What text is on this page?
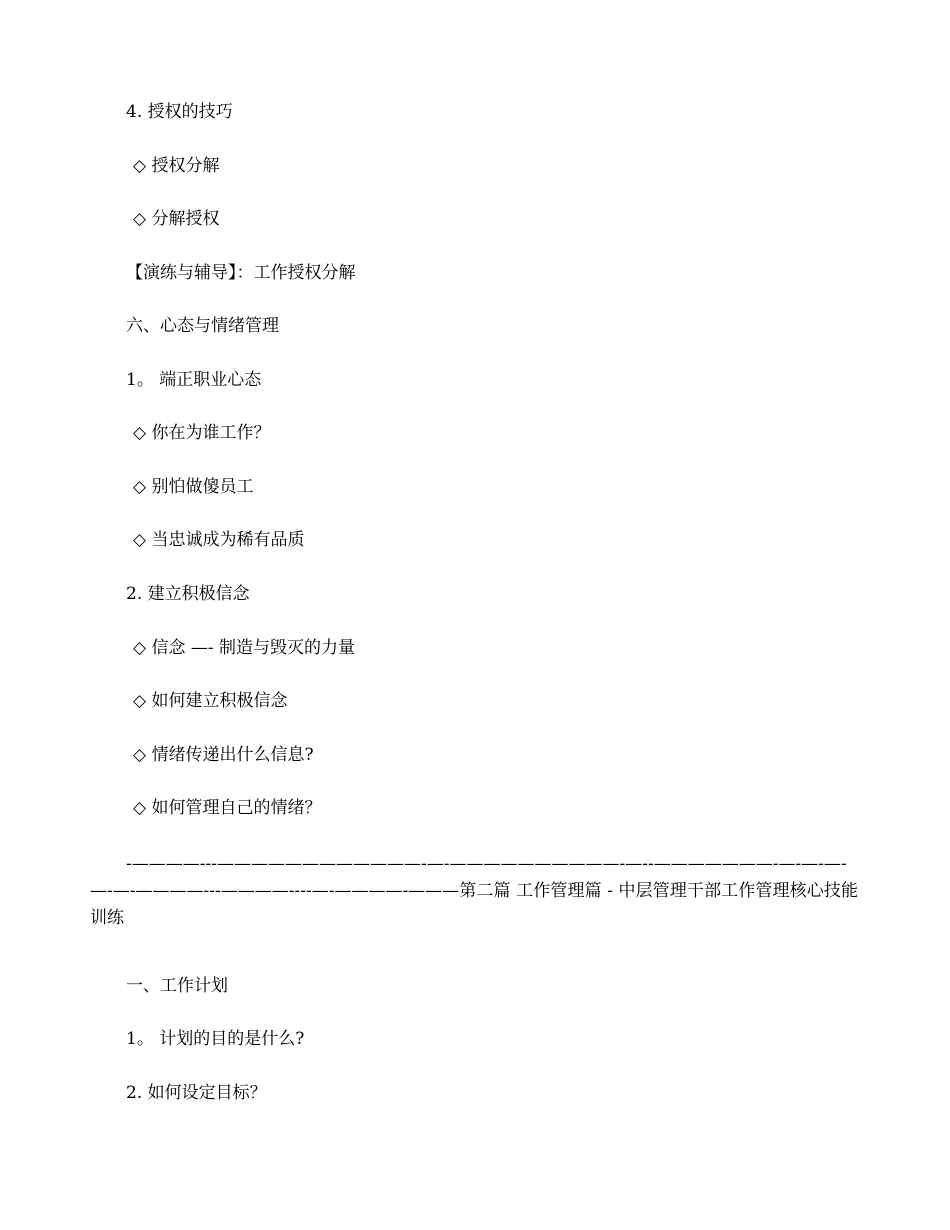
4. 授权的技巧
◇ 授权分解
◇ 分解授权
【演练与辅导】：工作授权分解
六、心态与情绪管理
1。 端正职业心态
◇ 你在为谁工作？
◇ 别怕做傻员工
◇ 当忠诚成为稀有品质
2. 建立积极信念
◇ 信念 —- 制造与毁灭的力量
◇ 如何建立积极信念
◇ 情绪传递出什么信息?
◇ 如何管理自己的情绪？
-————---————————————-—-——————————-—--———————-—-—-—-—-—-————---————----—-————-———第二篇 工作管理篇 - 中层管理干部工作管理核心技能训练
一、工作计划
1。 计划的目的是什么?
2. 如何设定目标？
